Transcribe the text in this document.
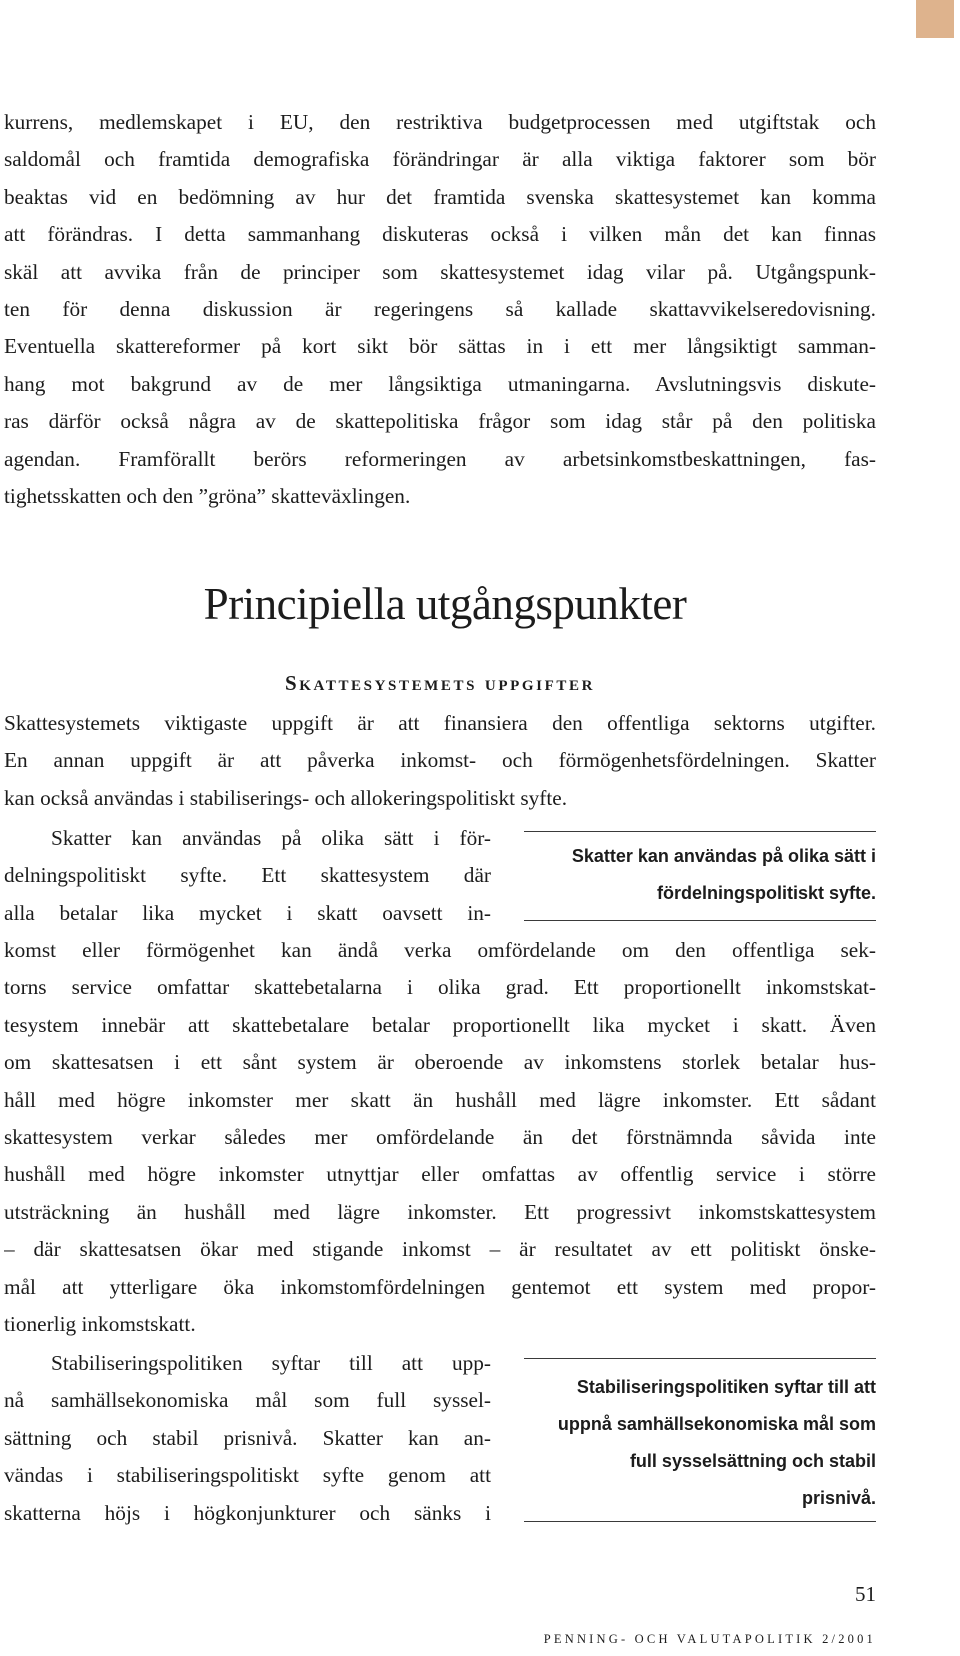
kurrens, medlemskapet i EU, den restriktiva budgetprocessen med utgiftstak och
saldomål och framtida demografiska förändringar är alla viktiga faktorer som bör
beaktas vid en bedömning av hur det framtida svenska skattesystemet kan komma
att förändras. I detta sammanhang diskuteras också i vilken mån det kan finnas
skäl att avvika från de principer som skattesystemet idag vilar på. Utgångspunk-
ten för denna diskussion är regeringens så kallade skattavvikelseredovisning.
Eventuella skattereformer på kort sikt bör sättas in i ett mer långsiktigt samman-
hang mot bakgrund av de mer långsiktiga utmaningarna. Avslutningsvis diskute-
ras därför också några av de skattepolitiska frågor som idag står på den politiska
agendan. Framförallt berörs reformeringen av arbetsinkomstbeskattningen, fas-
tighetsskatten och den ”gröna” skatteväxlingen.
Principiella utgångspunkter
Skattesystemets uppgifter
Skattesystemets viktigaste uppgift är att finansiera den offentliga sektorns utgifter.
En annan uppgift är att påverka inkomst- och förmögenhetsfördelningen. Skatter
kan också användas i stabiliserings- och allokeringspolitiskt syfte.
Skatter kan användas på olika sätt i för-
delningspolitiskt syfte. Ett skattesystem där
alla betalar lika mycket i skatt oavsett in-
Skatter kan användas på olika sätt i
fördelningspolitiskt syfte.
komst eller förmögenhet kan ändå verka omfördelande om den offentliga sek-
torns service omfattar skattebetalarna i olika grad. Ett proportionellt inkomstskat-
tesystem innebär att skattebetalare betalar proportionellt lika mycket i skatt. Även
om skattesatsen i ett sånt system är oberoende av inkomstens storlek betalar hus-
håll med högre inkomster mer skatt än hushåll med lägre inkomster. Ett sådant
skattesystem verkar således mer omfördelande än det förstnämnda såvida inte
hushåll med högre inkomster utnyttjar eller omfattas av offentlig service i större
utsträckning än hushåll med lägre inkomster. Ett progressivt inkomstskattesystem
– där skattesatsen ökar med stigande inkomst – är resultatet av ett politiskt önske-
mål att ytterligare öka inkomstomfördelningen gentemot ett system med propor-
tionerlig inkomstskatt.
Stabiliseringspolitiken syftar till att upp-
nå samhällsekonomiska mål som full syssel-
sättning och stabil prisnivå. Skatter kan an-
vändas i stabiliseringspolitiskt syfte genom att
skatterna höjs i högkonjunkturer och sänks i
Stabiliseringspolitiken syftar till att
uppnå samhällsekonomiska mål som
full sysselsättning och stabil
prisnivå.
51
PENNING- OCH VALUTAPOLITIK 2/2001
